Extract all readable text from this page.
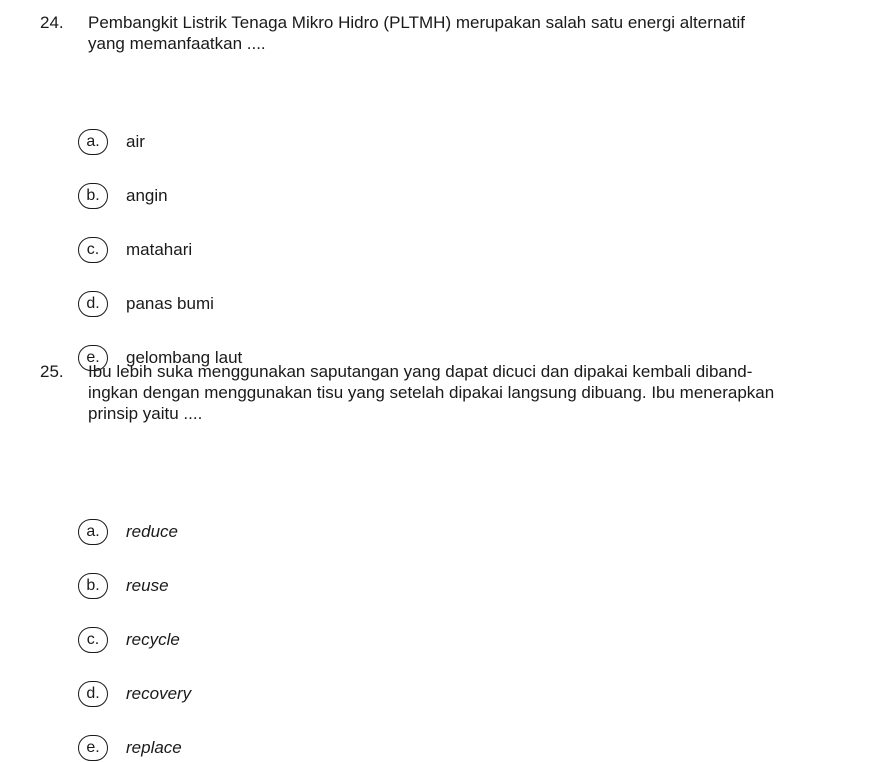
24. Pembangkit Listrik Tenaga Mikro Hidro (PLTMH) merupakan salah satu energi alternatif
yang memanfaatkan ....
a.	air
b.	angin
c.	matahari
d.	panas bumi
e.	gelombang laut
25. Ibu lebih suka menggunakan saputangan yang dapat dicuci dan dipakai kembali diband-
ingkan dengan menggunakan tisu yang setelah dipakai langsung dibuang. Ibu menerapkan
prinsip yaitu ....
a.	reduce
b.	reuse
c.	recycle
d.	recovery
e.	replace
